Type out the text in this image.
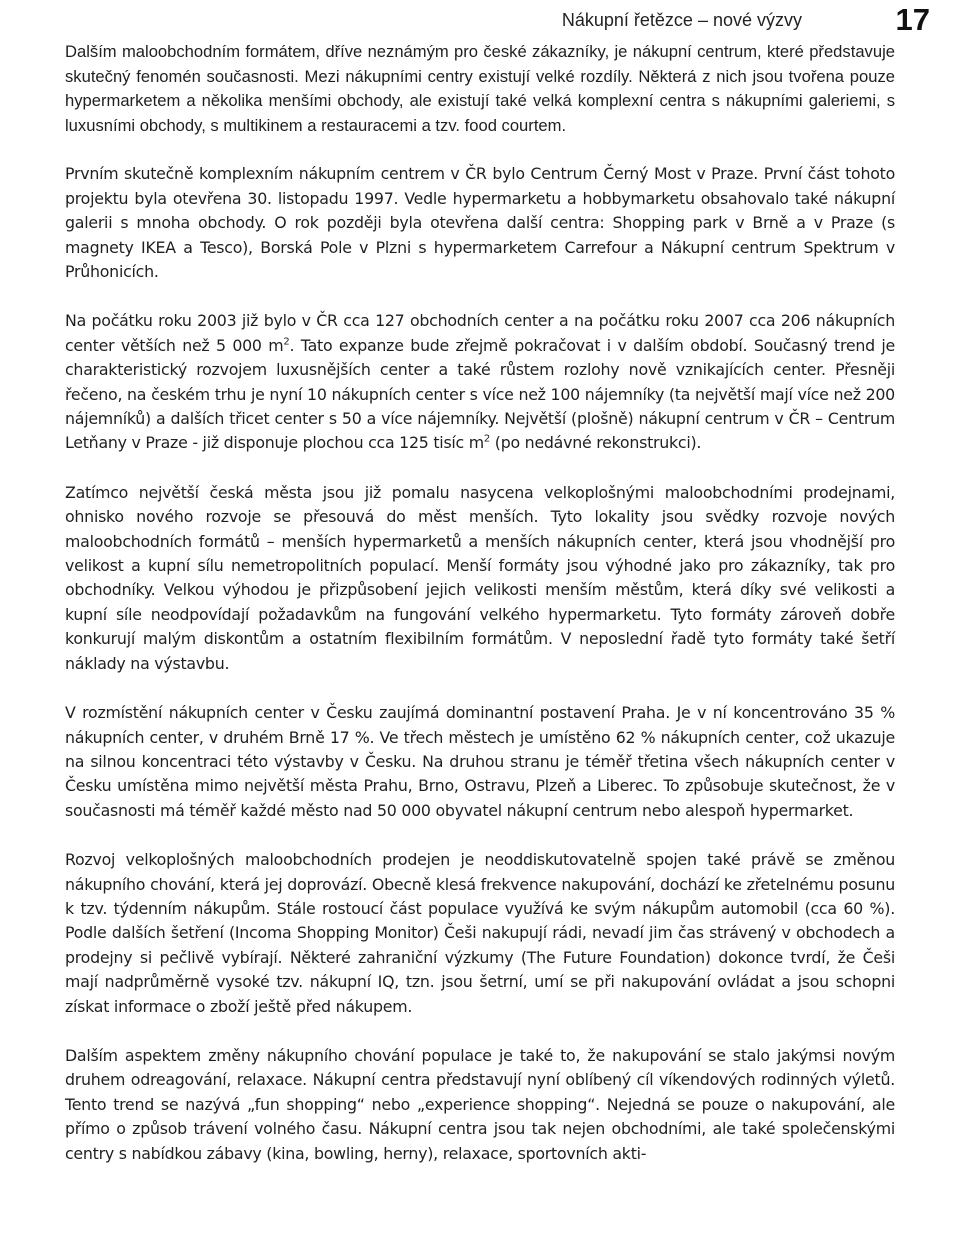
Nákupní řetězce – nové výzvy	17

Dalším maloobchodním formátem, dříve neznámým pro české zákazníky, je nákupní centrum, které představuje skutečný fenomén současnosti. Mezi nákupními centry existují velké rozdíly. Některá z nich jsou tvořena pouze hypermarketem a několika menšími obchody, ale existují také velká komplexní centra s nákupními galeriemi, s luxusními obchody, s multikinem a restauracemi a tzv. food courtem.

Prvním skutečně komplexním nákupním centrem v ČR bylo Centrum Černý Most v Praze. První část tohoto projektu byla otevřena 30. listopadu 1997. Vedle hypermarketu a hobbymarketu obsahovalo také nákupní galerii s mnoha obchody. O rok později byla otevřena další centra: Shopping park v Brně a v Praze (s magnety IKEA a Tesco), Borská Pole v Plzni s hypermarketem Carrefour a Nákupní centrum Spektrum v Průhonicích.

Na počátku roku 2003 již bylo v ČR cca 127 obchodních center a na počátku roku 2007 cca 206 nákupních center větších než 5 000 $m^2$. Tato expanze bude zřejmě pokračovat i v dalším období. Současný trend je charakteristický rozvojem luxusnějších center a také růstem rozlohy nově vznikajících center. Přesněji řečeno, na českém trhu je nyní 10 nákupních center s více než 100 nájemníky (ta největší mají více než 200 nájemníků) a dalších třicet center s 50 a více nájemníky. Největší (plošně) nákupní centrum v ČR – Centrum Letňany v Praze - již disponuje plochou cca 125 tisíc $m^2$ (po nedávné rekonstrukci).

Zatímco největší česká města jsou již pomalu nasycena velkoplošnými maloobchodními prodejnami, ohnisko nového rozvoje se přesouvá do měst menších. Tyto lokality jsou svědky rozvoje nových maloobchodních formátů – menších hypermarketů a menších nákupních center, která jsou vhodnější pro velikost a kupní sílu nemetropolitních populací. Menší formáty jsou výhodné jako pro zákazníky, tak pro obchodníky. Velkou výhodou je přizpůsobení jejich velikosti menším městům, která díky své velikosti a kupní síle neodpovídají požadavkům na fungování velkého hypermarketu. Tyto formáty zároveň dobře konkurují malým diskontům a ostatním flexibilním formátům. V neposlední řadě tyto formáty také šetří náklady na výstavbu.

V rozmístění nákupních center v Česku zaujímá dominantní postavení Praha. Je v ní koncentrováno 35 % nákupních center, v druhém Brně 17 %. Ve třech městech je umístěno 62 % nákupních center, což ukazuje na silnou koncentraci této výstavby v Česku. Na druhou stranu je téměř třetina všech nákupních center v Česku umístěna mimo největší města Prahu, Brno, Ostravu, Plzeň a Liberec. To způsobuje skutečnost, že v současnosti má téměř každé město nad 50 000 obyvatel nákupní centrum nebo alespoň hypermarket.

Rozvoj velkoplošných maloobchodních prodejen je neoddiskutovatelně spojen také právě se změnou nákupního chování, která jej doprovází. Obecně klesá frekvence nakupování, dochází ke zřetelnému posunu k tzv. týdenním nákupům. Stále rostoucí část populace využívá ke svým nákupům automobil (cca 60 %). Podle dalších šetření (Incoma Shopping Monitor) Češi nakupují rádi, nevadí jim čas strávený v obchodech a prodejny si pečlivě vybírají. Některé zahraniční výzkumy (The Future Foundation) dokonce tvrdí, že Češi mají nadprůměrně vysoké tzv. nákupní IQ, tzn. jsou šetrní, umí se při nakupování ovládat a jsou schopni získat informace o zboží ještě před nákupem.

Dalším aspektem změny nákupního chování populace je také to, že nakupování se stalo jakýmsi novým druhem odreagování, relaxace. Nákupní centra představují nyní oblíbený cíl víkendových rodinných výletů. Tento trend se nazývá „fun shopping“ nebo „experience shopping“. Nejedná se pouze o nakupování, ale přímo o způsob trávení volného času. Nákupní centra jsou tak nejen obchodními, ale také společenskými centry s nabídkou zábavy (kina, bowling, herny), relaxace, sportovních akti-
